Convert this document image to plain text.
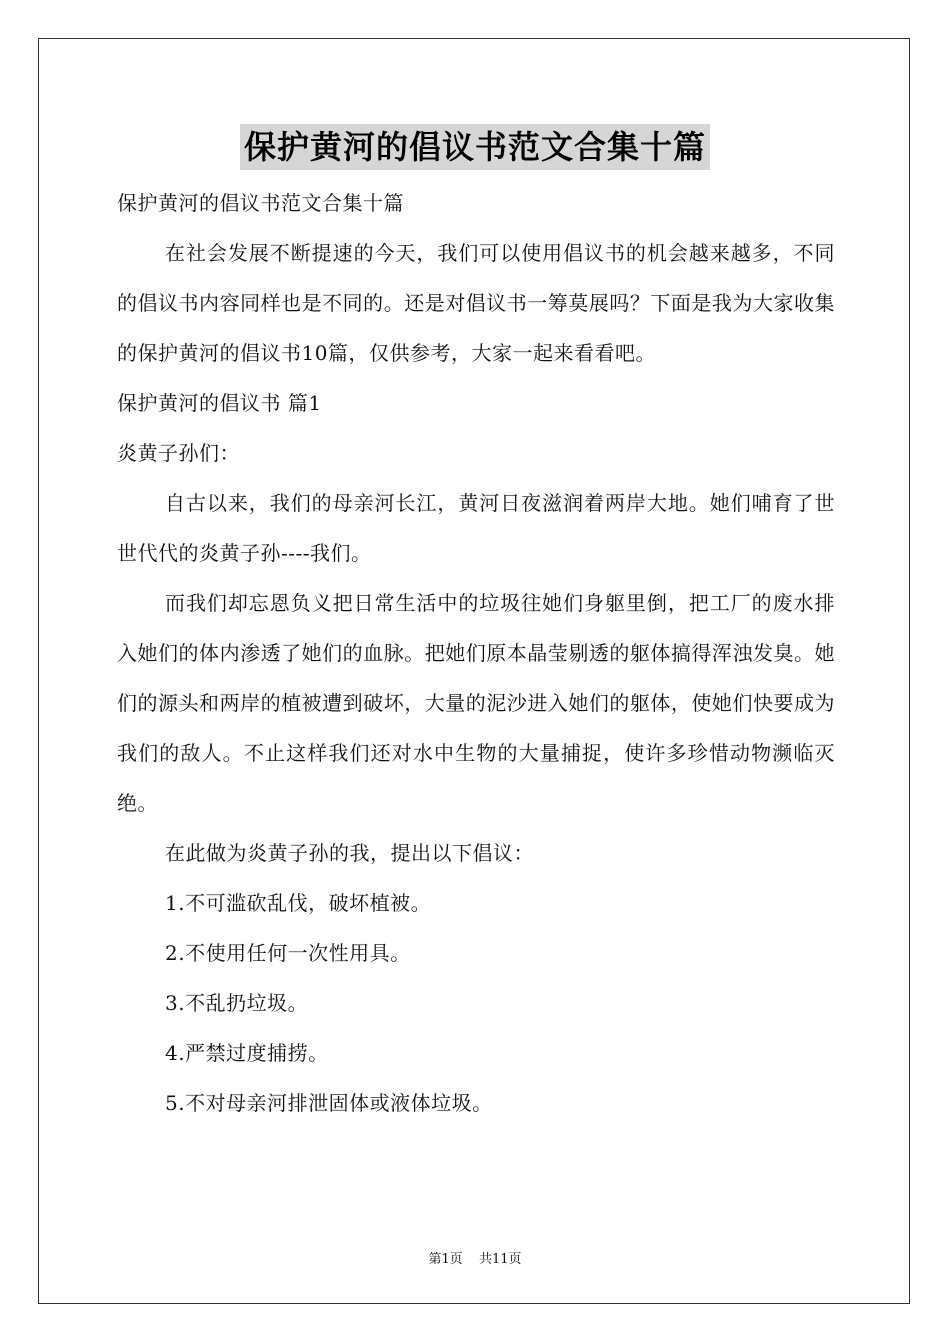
保护黄河的倡议书范文合集十篇

保护黄河的倡议书范文合集十篇

在社会发展不断提速的今天，我们可以使用倡议书的机会越来越多，不同的倡议书内容同样也是不同的。还是对倡议书一筹莫展吗？下面是我为大家收集的保护黄河的倡议书10篇，仅供参考，大家一起来看看吧。

保护黄河的倡议书 篇1

炎黄子孙们：

自古以来，我们的母亲河长江，黄河日夜滋润着两岸大地。她们哺育了世世代代的炎黄子孙----我们。

而我们却忘恩负义把日常生活中的垃圾往她们身躯里倒，把工厂的废水排入她们的体内渗透了她们的血脉。把她们原本晶莹剔透的躯体搞得浑浊发臭。她们的源头和两岸的植被遭到破坏，大量的泥沙进入她们的躯体，使她们快要成为我们的敌人。不止这样我们还对水中生物的大量捕捉，使许多珍惜动物濒临灭绝。

在此做为炎黄子孙的我，提出以下倡议：

1.不可滥砍乱伐，破坏植被。

2.不使用任何一次性用具。

3.不乱扔垃圾。

4.严禁过度捕捞。

5.不对母亲河排泄固体或液体垃圾。

第1页 共11页
